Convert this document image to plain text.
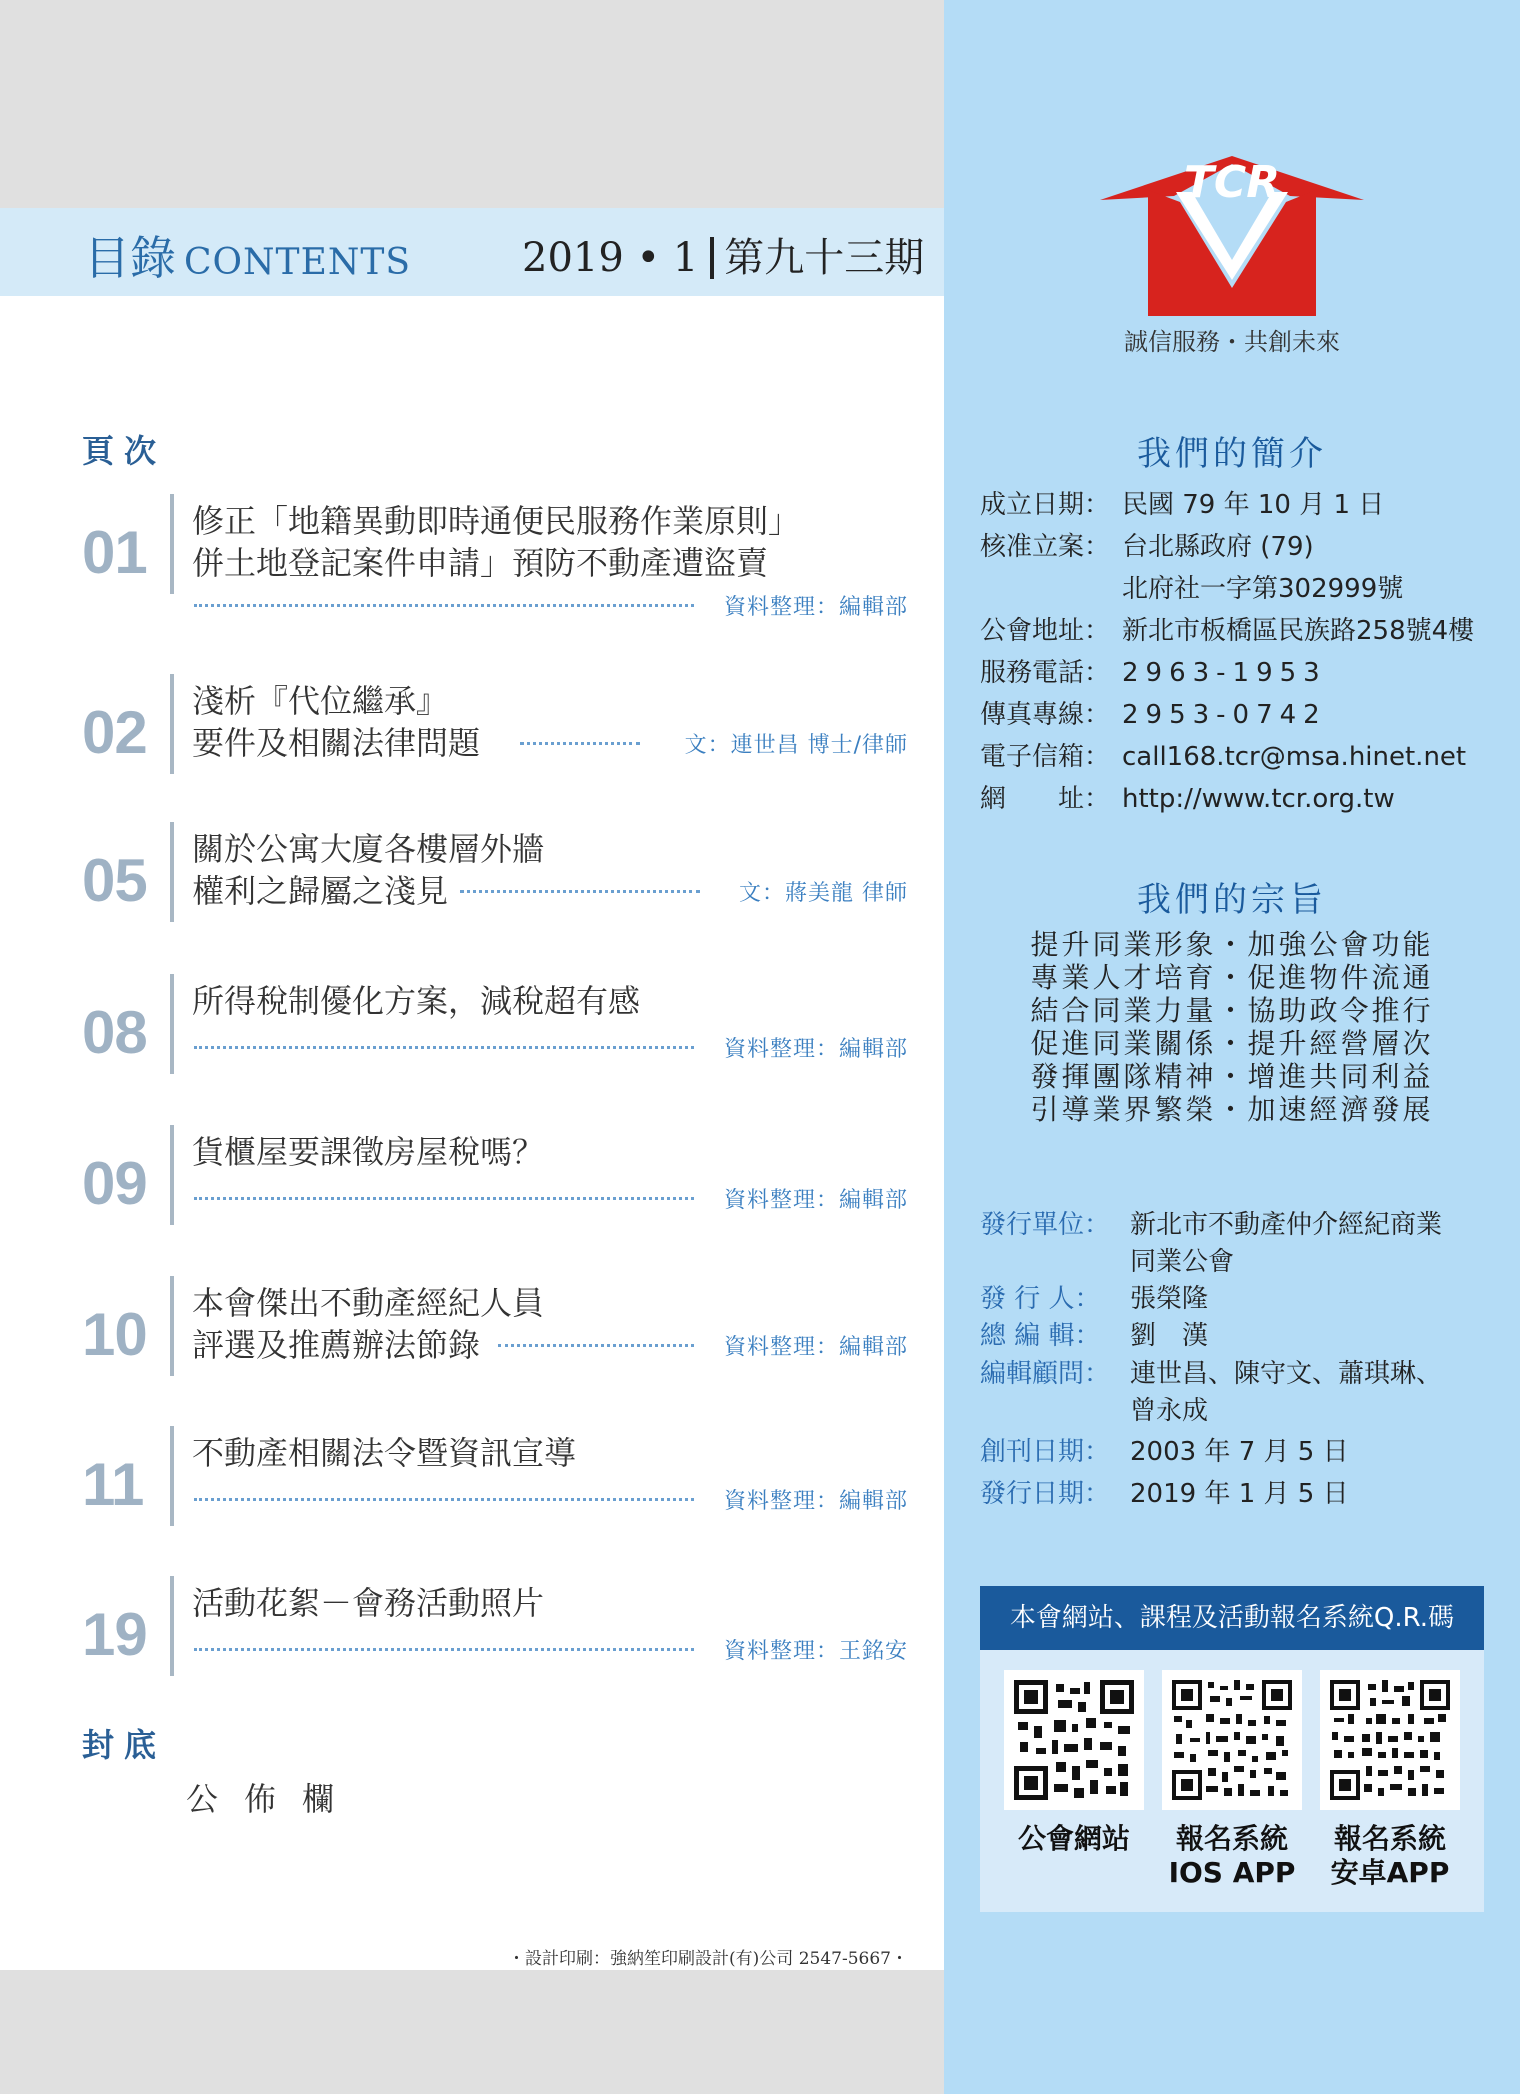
目錄 CONTENTS	2019 • 1 第九十三期
頁次
01 修正「地籍異動即時通便民服務作業原則」
併土地登記案件申請」預防不動產遭盜賣
資料整理：編輯部
02 淺析『代位繼承』
要件及相關法律問題	文：連世昌 博士/律師
05 關於公寓大廈各樓層外牆
權利之歸屬之淺見	文：蔣美龍 律師
08 所得稅制優化方案，減稅超有感
資料整理：編輯部
09 貨櫃屋要課徵房屋稅嗎？
資料整理：編輯部
10 本會傑出不動產經紀人員
評選及推薦辦法節錄	資料整理：編輯部
11 不動產相關法令暨資訊宣導
資料整理：編輯部
19 活動花絮－會務活動照片
資料整理：王銘安
封底
公佈欄
・設計印刷：強納笙印刷設計(有)公司 2547-5667・
TCR
誠信服務・共創未來
我們的簡介
成立日期： 民國 79 年 10 月 1 日
核准立案： 台北縣政府 (79)
北府社一字第302999號
公會地址： 新北市板橋區民族路258號4樓
服務電話： 2963-1953
傳真專線： 2953-0742
電子信箱： call168.tcr@msa.hinet.net
網　　址： http://www.tcr.org.tw
我們的宗旨
提升同業形象・加強公會功能
專業人才培育・促進物件流通
結合同業力量・協助政令推行
促進同業關係・提升經營層次
發揮團隊精神・增進共同利益
引導業界繁榮・加速經濟發展
發行單位： 新北市不動產仲介經紀商業
同業公會
發 行 人： 張榮隆
總 編 輯： 劉　漢
編輯顧問： 連世昌、陳守文、蕭琪琳、
曾永成
創刊日期： 2003 年 7 月 5 日
發行日期： 2019 年 1 月 5 日
本會網站、課程及活動報名系統Q.R.碼
公會網站	報名系統
IOS APP
報名系統
安卓APP
